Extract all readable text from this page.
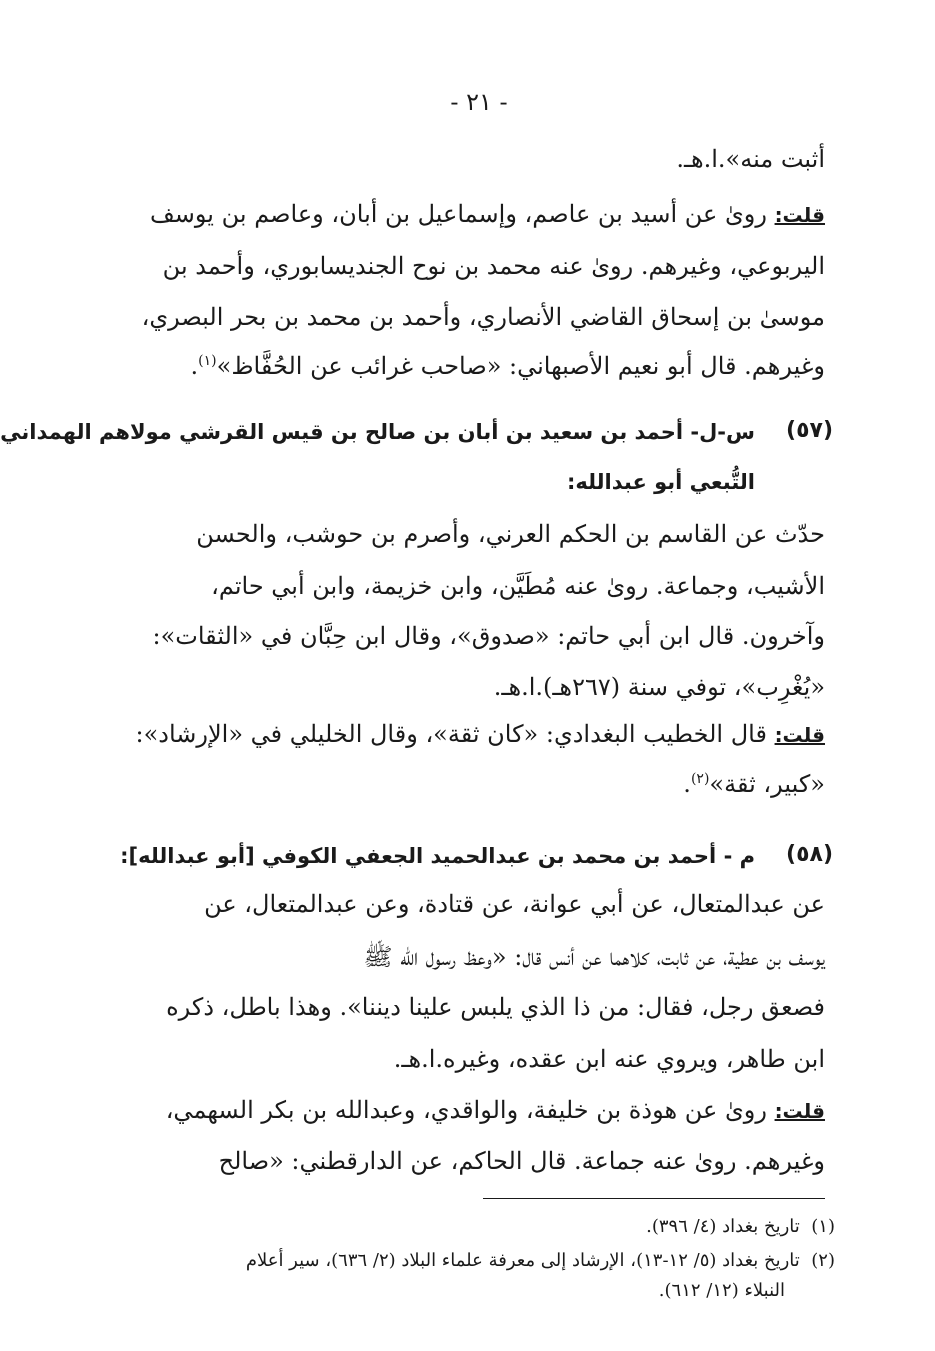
- ٢١ -
أثبت منه».ا.هـ.
قلت: روىٰ عن أسيد بن عاصم، وإسماعيل بن أبان، وعاصم بن يوسف
اليربوعي، وغيرهم. روىٰ عنه محمد بن نوح الجنديسابوري، وأحمد بن
موسىٰ بن إسحاق القاضي الأنصاري، وأحمد بن محمد بن بحر البصري،
وغيرهم. قال أبو نعيم الأصبهاني: «صاحب غرائب عن الحُفَّاظ»$^{(١)}$.
(٥٧)
س-ل- أحمد بن سعيد بن أبان بن صالح بن قيس القرشي مولاهم الهمداني
التُّبعي أبو عبدالله:
حدّث عن القاسم بن الحكم العرني، وأصرم بن حوشب، والحسن
الأشيب، وجماعة. روىٰ عنه مُطَيَّن، وابن خزيمة، وابن أبي حاتم،
وآخرون. قال ابن أبي حاتم: «صدوق»، وقال ابن حِبَّان في «الثقات»:
«يُغْرِب»، توفي سنة (٢٦٧هـ).ا.هـ.
قلت: قال الخطيب البغدادي: «كان ثقة»، وقال الخليلي في «الإرشاد»:
«كبير، ثقة»$^{(٢)}$.
(٥٨)
م - أحمد بن محمد بن عبدالحميد الجعفي الكوفي [أبو عبدالله]:
عن عبدالمتعال، عن أبي عوانة، عن قتادة، وعن عبدالمتعال، عن
يوسف بن عطية، عن ثابت، كلاهما عن أنس قال: «وعظ رسول الله ﷺ
فصعق رجل، فقال: من ذا الذي يلبس علينا ديننا». وهذا باطل، ذكره
ابن طاهر، ويروي عنه ابن عقده، وغيره.ا.هـ.
قلت: روىٰ عن هوذة بن خليفة، والواقدي، وعبدالله بن بكر السهمي،
وغيرهم. روىٰ عنه جماعة. قال الحاكم، عن الدارقطني: «صالح
(١)  تاريخ بغداد (٤/ ٣٩٦).
(٢)  تاريخ بغداد (٥/ ١٢-١٣)، الإرشاد إلى معرفة علماء البلاد (٢/ ٦٣٦)، سير أعلام
النبلاء (١٢/ ٦١٢).
